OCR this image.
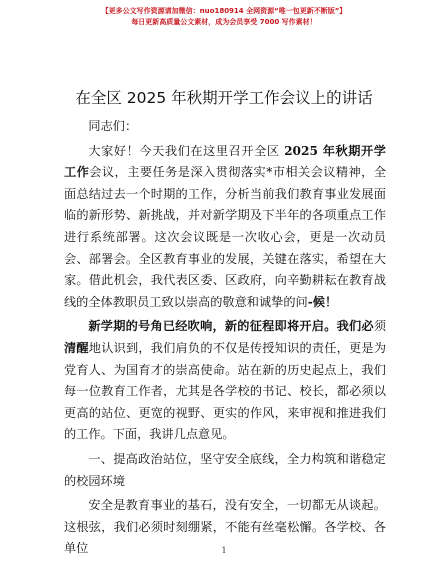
【更多公文写作资源请加微信：nuo180914 全网资源“唯一包更新不断版”】
每日更新高质量公文素材，成为会员享受 7000 写作素材！
在全区 2025 年秋期开学工作会议上的讲话

同志们：

大家好！今天我们在这里召开全区 2025 年秋期开学工作会议，主要任务是深入贯彻落实*市相关会议精神，全面总结过去一个时期的工作，分析当前我们教育事业发展面临的新形势、新挑战，并对新学期及下半年的各项重点工作进行系统部署。这次会议既是一次收心会，更是一次动员会、部署会。全区教育事业的发展，关键在落实，希望在大家。借此机会，我代表区委、区政府，向辛勤耕耘在教育战线的全体教职员工致以崇高的敬意和诚挚的问-候！

新学期的号角已经吹响，新的征程即将开启。我们必须清醒地认识到，我们肩负的不仅是传授知识的责任，更是为党育人、为国育才的崇高使命。站在新的历史起点上，我们每一位教育工作者，尤其是各学校的书记、校长，都必须以更高的站位、更宽的视野、更实的作风，来审视和推进我们的工作。下面，我讲几点意见。

一、提高政治站位，坚守安全底线，全力构筑和谐稳定的校园环境

安全是教育事业的基石，没有安全，一切都无从谈起。这根弦，我们必须时刻绷紧，不能有丝毫松懈。各学校、各单位	1
